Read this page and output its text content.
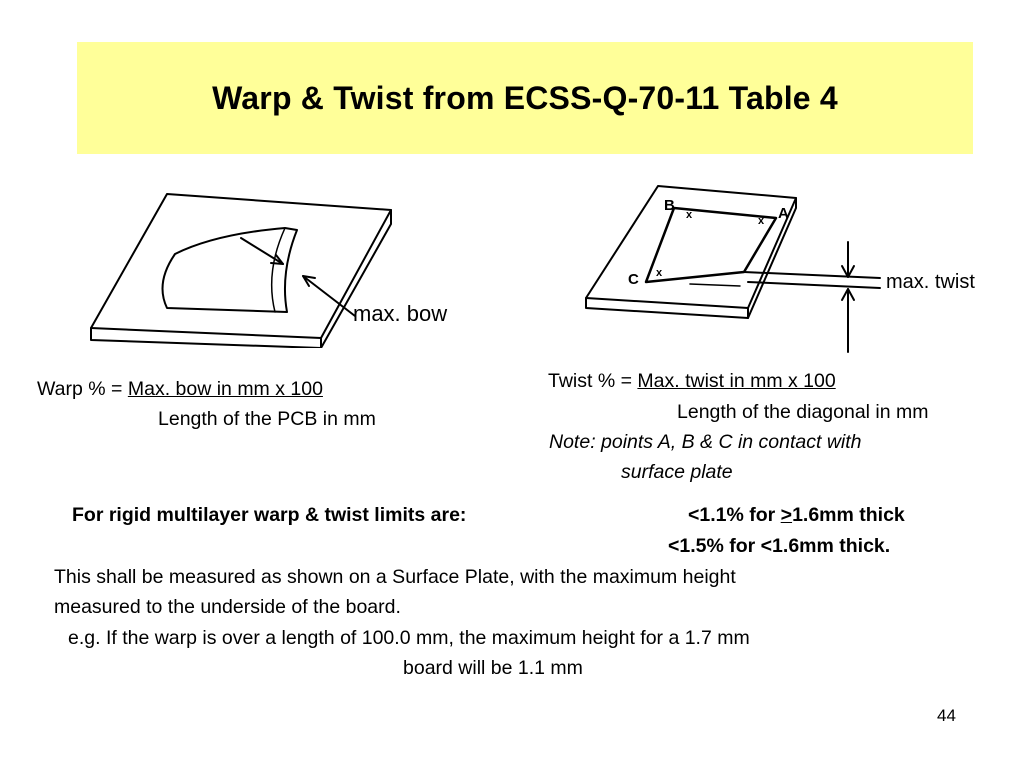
Warp & Twist from ECSS-Q-70-11 Table 4
max. bow
B	A
C
x	x
x	max. twist
Warp % = Max. bow in mm x 100
Length of the PCB in mm
Twist % = Max. twist in mm x 100
Length of the diagonal in mm
Note: points A, B & C in contact with
surface plate
For rigid multilayer warp & twist limits are:	<1.1% for >1.6mm thick
<1.5% for <1.6mm thick.
This shall be measured as shown on a Surface Plate, with the maximum height
measured to the underside of the board.
e.g. If the warp is over a length of 100.0 mm, the maximum height for a 1.7 mm
board will be 1.1 mm
44
